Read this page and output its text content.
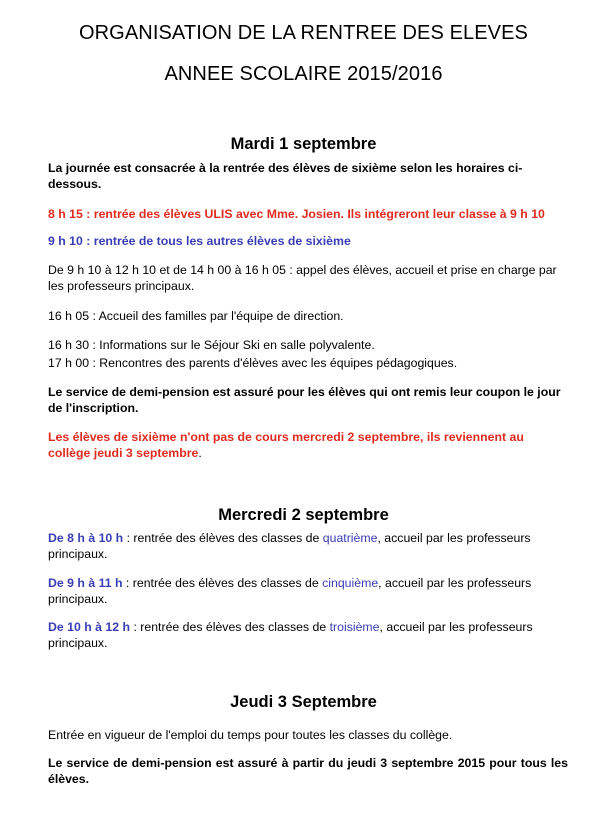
ORGANISATION DE LA RENTREE DES ELEVES
ANNEE SCOLAIRE 2015/2016
Mardi 1 septembre

La journée est consacrée à la rentrée des élèves de sixième selon les horaires ci-dessous.

8 h 15 : rentrée des élèves ULIS avec Mme. Josien. Ils intégreront leur classe à 9 h 10

9 h 10 : rentrée de tous les autres élèves de sixième

De 9 h 10 à 12 h 10 et de 14 h 00 à 16 h 05 : appel des élèves, accueil et prise en charge par les professeurs principaux.

16 h 05 : Accueil des familles par l'équipe de direction.

16 h 30 : Informations sur le Séjour Ski en salle polyvalente.

17 h 00 : Rencontres des parents d'élèves avec les équipes pédagogiques.

Le service de demi-pension est assuré pour les élèves qui ont remis leur coupon le jour de l'inscription.

Les élèves de sixième n'ont pas de cours mercredi 2 septembre, ils reviennent au collège jeudi 3 septembre.

Mercredi 2 septembre

De 8 h à 10 h : rentrée des élèves des classes de quatrième, accueil par les professeurs principaux.

De 9 h à 11 h : rentrée des élèves des classes de cinquième, accueil par les professeurs principaux.

De 10 h à 12 h : rentrée des élèves des classes de troisième, accueil par les professeurs principaux.

Jeudi 3 Septembre

Entrée en vigueur de l'emploi du temps pour toutes les classes du collège.

Le service de demi-pension est assuré à partir du jeudi 3 septembre 2015 pour tous les élèves.
